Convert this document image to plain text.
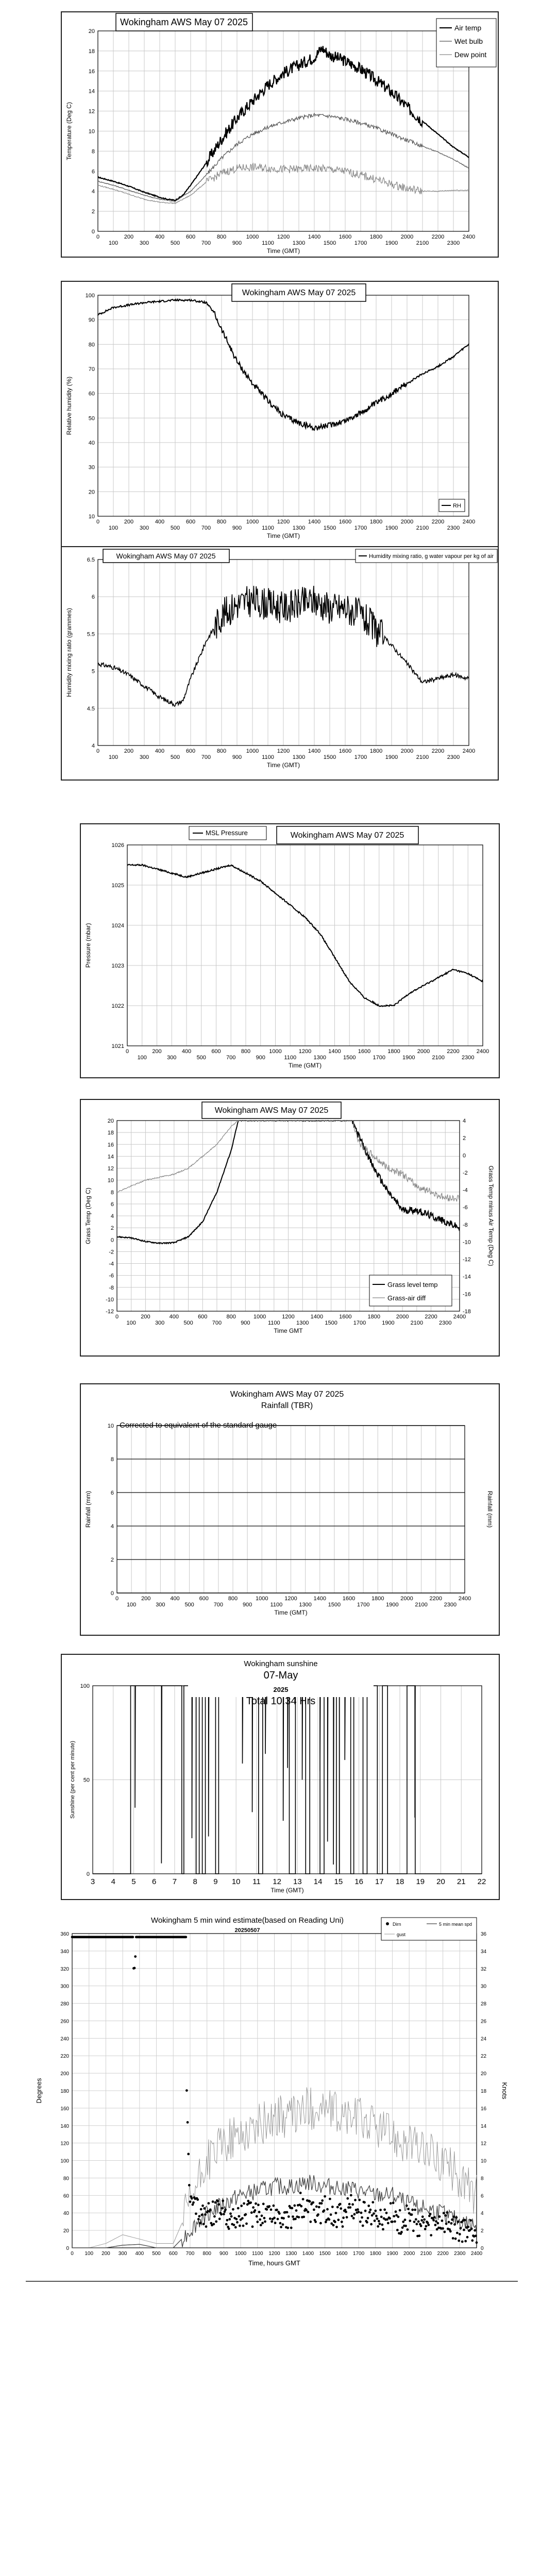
0
2
4
6
8
10
12
14
16
18
20
0
100
200
300
400
500
600
700
800
900
1000
1100
1200
1300
1400
1500
1600
1700
1800
1900
2000
2100
2200
2300
2400
Time (GMT)
Temperature (Deg C)
Wokingham AWS May 07 2025
Air temp
Wet bulb
Dew point
10
20
30
40
50
60
70
80
90
100
0
100
200
300
400
500
600
700
800
900
1000
1100
1200
1300
1400
1500
1600
1700
1800
1900
2000
2100
2200
2300
2400
Time (GMT)
Relative humidity (%)
Wokingham AWS May 07 2025
RH
4
4.5
5
5.5
6
6.5
0
100
200
300
400
500
600
700
800
900
1000
1100
1200
1300
1400
1500
1600
1700
1800
1900
2000
2100
2200
2300
2400
Time (GMT)
Humidity mixing ratio (grammes)
Wokingham AWS May 07 2025	Humidity mixing ratio, g water vapour per kg of air
1021
1022
1023
1024
1025
1026
0
100
200
300
400
500
600
700
800
900
1000
1100
1200
1300
1400
1500
1600
1700
1800
1900
2000
2100
2200
2300
2400
Time (GMT)
Pressure (mbar)
MSL Pressure	Wokingham AWS May 07 2025
-12
-10
-8
-6
-4
-2
0
2
4
6
8
10
12
14
16
18
20
0
100
200
300
400
500
600
700
800
900
1000
1100
1200
1300
1400
1500
1600
1700
1800
1900
2000
2100
2200
2300
2400
Time GMT
Grass Temp (Deg C)
-18
-16
-14
-12
-10
-8
-6
-4
-2
0
2
4
Grass Temp minus Air Temp (Deg C)
Wokingham AWS May 07 2025
Grass level temp
Grass-air diff
0
2
4
6
8
10
0
100
200
300
400
500
600
700
800
900
1000
1100
1200
1300
1400
1500
1600
1700
1800
1900
2000
2100
2200
2300
2400
Time (GMT)
Rainfall (mm)	Rainfall (mm)
Wokingham AWS May 07 2025
Rainfall (TBR)
Corrected to equivalent of the standard gauge
3 4 5 6 7 8 9 10 11 12 13 14 15 16 17 18 19 20 21 22
0
50
100
Wokingham sunshine
07-May
2025
Total 10.34 Hrs
Time (GMT)
Sunshine (per cent per minute)
0 100 200 300 400 500 600 700 800 900 1000 1100 1200 1300 1400 1500 1600 1700 1800 1900 2000 2100 2200 2300 2400
0
20
40
60
80
100
120
140
160
180
200
220
240
260
280
300
320
340
360
0
2
4
6
8
10
12
14
16
18
20
22
24
26
28
30
32
34
36
Time, hours GMT
Degrees	Knots
Wokingham 5 min wind estimate(based on Reading Uni)
20250507
Dirn	5 min mean spd
gust
